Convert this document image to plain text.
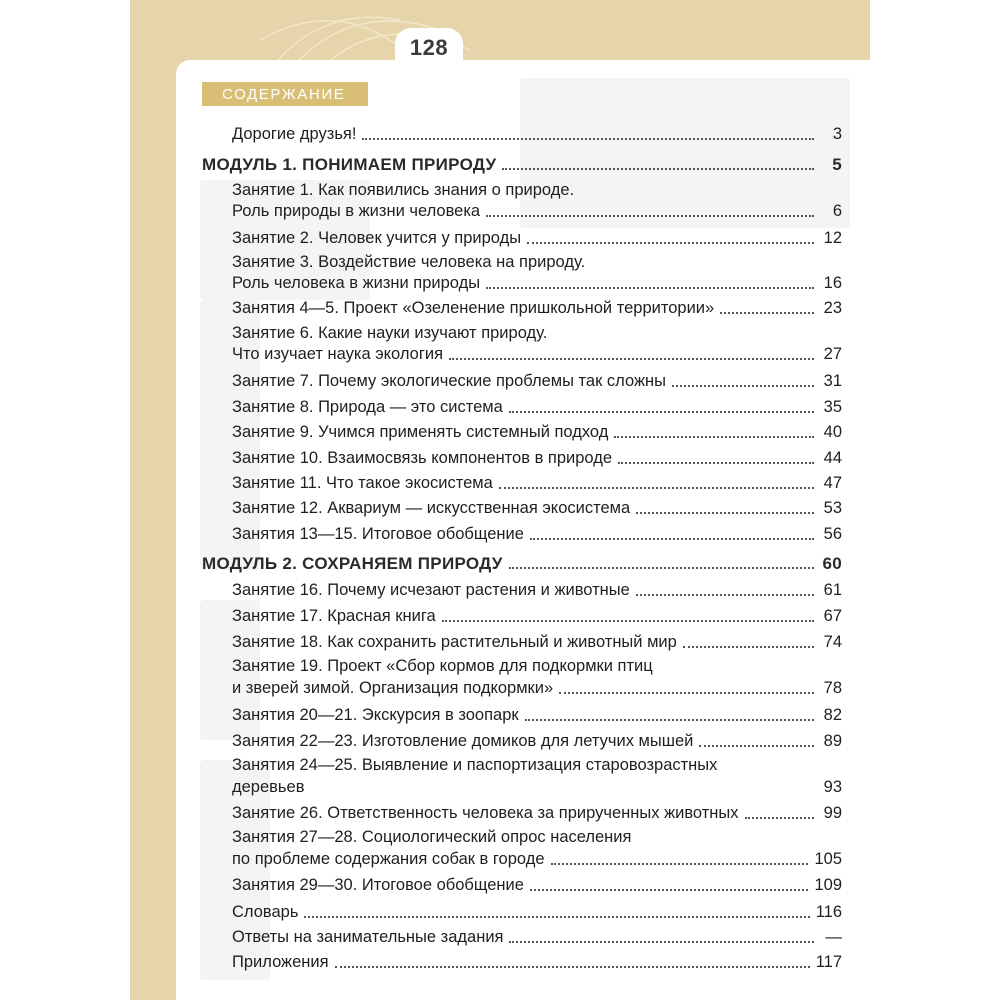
128
СОДЕРЖАНИЕ
Дорогие друзья!	3
МОДУЛЬ 1. ПОНИМАЕМ ПРИРОДУ	5
Занятие 1. Как появились знания о природе.
Роль природы в жизни человека	6
Занятие 2. Человек учится у природы	12
Занятие 3. Воздействие человека на природу.
Роль человека в жизни природы	16
Занятия 4—5. Проект «Озеленение пришкольной территории»	23
Занятие 6. Какие науки изучают природу.
Что изучает наука экология	27
Занятие 7. Почему экологические проблемы так сложны	31
Занятие 8. Природа — это система	35
Занятие 9. Учимся применять системный подход	40
Занятие 10. Взаимосвязь компонентов в природе	44
Занятие 11. Что такое экосистема	47
Занятие 12. Аквариум — искусственная экосистема	53
Занятия 13—15. Итоговое обобщение	56
МОДУЛЬ 2. СОХРАНЯЕМ ПРИРОДУ	60
Занятие 16. Почему исчезают растения и животные	61
Занятие 17. Красная книга	67
Занятие 18. Как сохранить растительный и животный мир	74
Занятие 19. Проект «Сбор кормов для подкормки птиц
и зверей зимой. Организация подкормки»	78
Занятия 20—21. Экскурсия в зоопарк	82
Занятия 22—23. Изготовление домиков для летучих мышей	89
Занятия 24—25. Выявление и паспортизация старовозрастных
деревьев	93
Занятие 26. Ответственность человека за прирученных животных	99
Занятия 27—28. Социологический опрос населения
по проблеме содержания собак в городе	105
Занятия 29—30. Итоговое обобщение	109
Словарь	116
Ответы на занимательные задания	—
Приложения	117
